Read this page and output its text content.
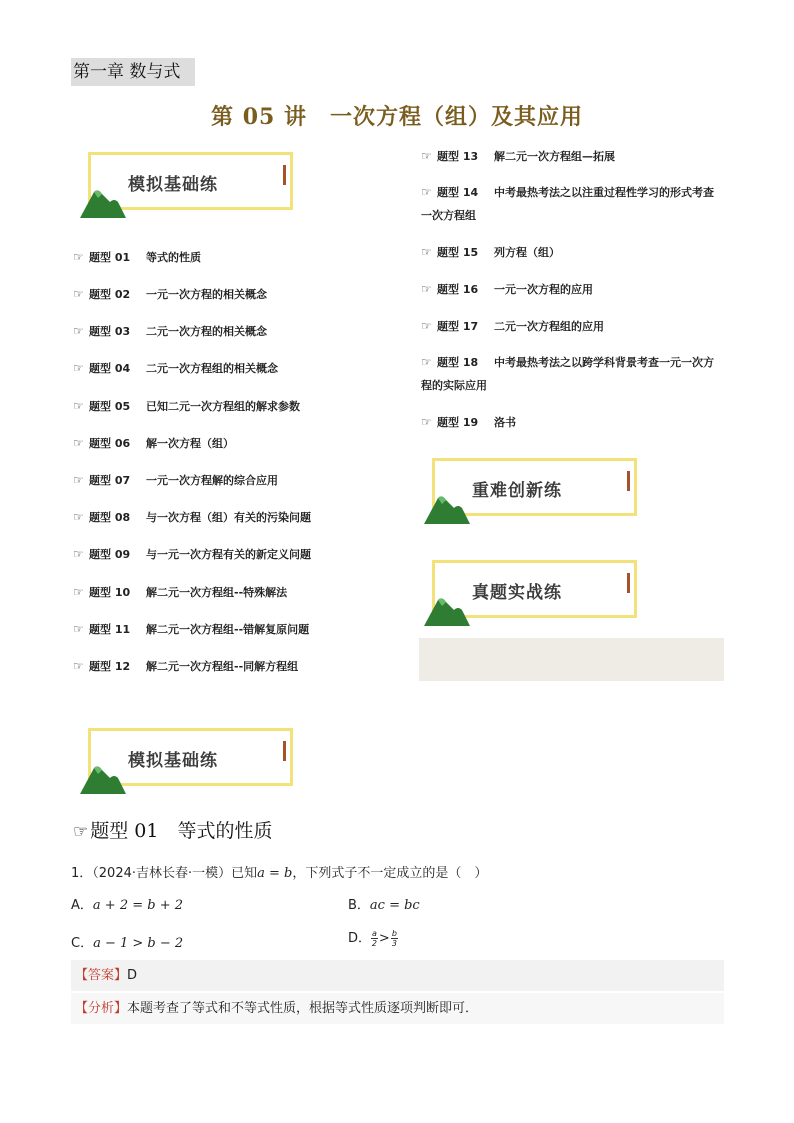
第一章 数与式
第 05 讲　一次方程（组）及其应用
模拟基础练
☞ 题型 01 等式的性质
☞ 题型 02 一元一次方程的相关概念
☞ 题型 03 二元一次方程的相关概念
☞ 题型 04 二元一次方程组的相关概念
☞ 题型 05 已知二元一次方程组的解求参数
☞ 题型 06 解一次方程（组）
☞ 题型 07 一元一次方程解的综合应用
☞ 题型 08 与一次方程（组）有关的污染问题
☞ 题型 09 与一元一次方程有关的新定义问题
☞ 题型 10 解二元一次方程组--特殊解法
☞ 题型 11 解二元一次方程组--错解复原问题
☞ 题型 12 解二元一次方程组--同解方程组
☞ 题型 13 解二元一次方程组—拓展
☞ 题型 14 中考最热考法之以注重过程性学习的形式考查一次方程组
☞ 题型 15 列方程（组）
☞ 题型 16 一元一次方程的应用
☞ 题型 17 二元一次方程组的应用
☞ 题型 18 中考最热考法之以跨学科背景考查一元一次方程的实际应用
☞ 题型 19 洛书
重难创新练
真题实战练
模拟基础练
☞ 题型 01　 等式的性质
1．（2024·吉林长春·一模）已知a = b，下列式子不一定成立的是（　）
A．a + 2 = b + 2	B．ac = bc
C．a − 1 > b − 2	D． $\frac{a}{2} > \frac{b}{3}$
【答案】D
【分析】本题考查了等式和不等式性质，根据等式性质逐项判断即可．
